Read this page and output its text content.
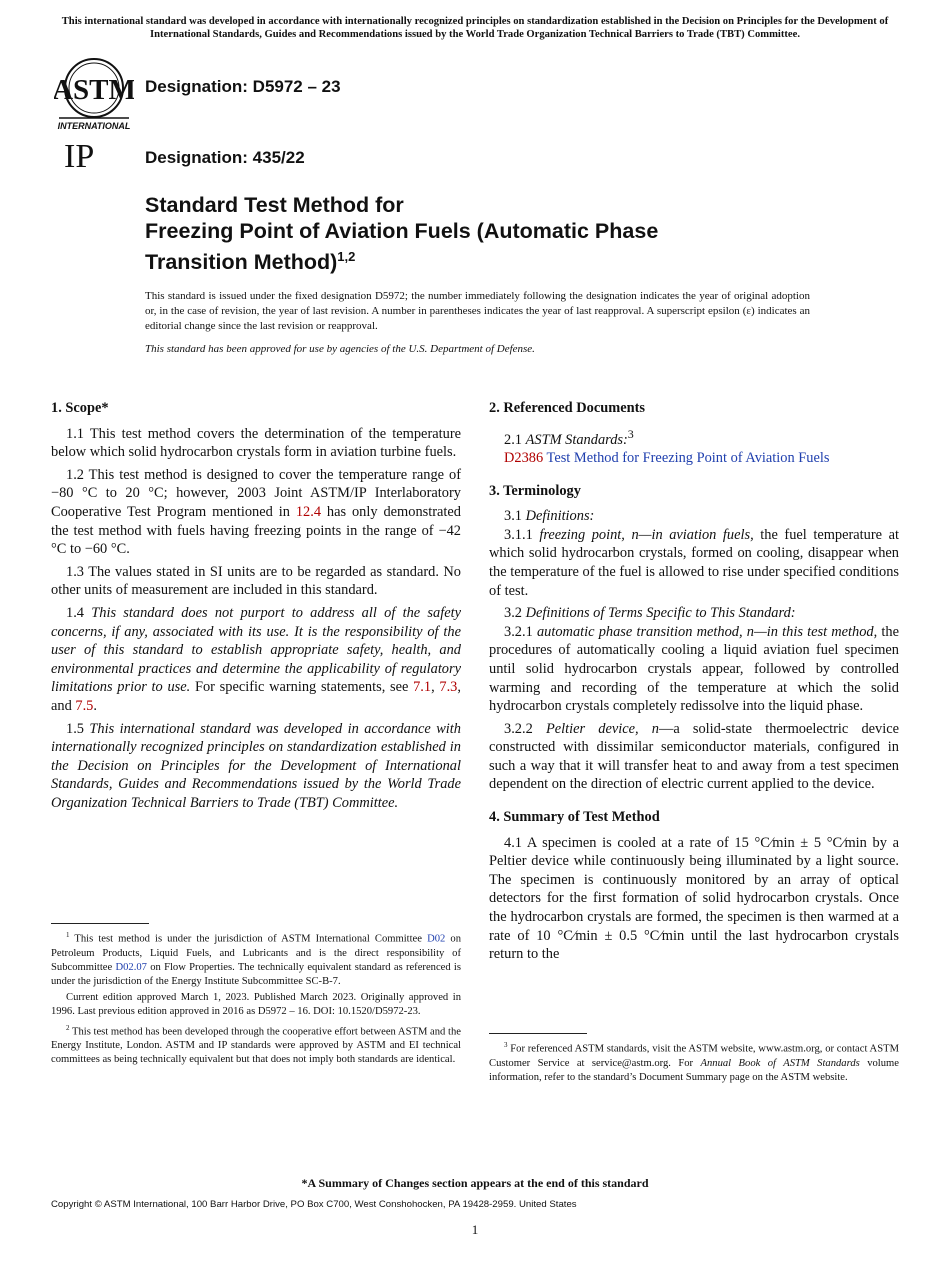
This international standard was developed in accordance with internationally recognized principles on standardization established in the Decision on Principles for the Development of International Standards, Guides and Recommendations issued by the World Trade Organization Technical Barriers to Trade (TBT) Committee.
ASTM
INTERNATIONAL
IP
Designation: D5972 – 23
Designation: 435/22
Standard Test Method for
Freezing Point of Aviation Fuels (Automatic Phase
Transition Method)$^{1,2}$
This standard is issued under the fixed designation D5972; the number immediately following the designation indicates the year of original adoption or, in the case of revision, the year of last revision. A number in parentheses indicates the year of last reapproval. A superscript epsilon (ε) indicates an editorial change since the last revision or reapproval.
This standard has been approved for use by agencies of the U.S. Department of Defense.
1. Scope*

1.1 This test method covers the determination of the temperature below which solid hydrocarbon crystals form in aviation turbine fuels.

1.2 This test method is designed to cover the temperature range of −80 °C to 20 °C; however, 2003 Joint ASTM/IP Interlaboratory Cooperative Test Program mentioned in 12.4 has only demonstrated the test method with fuels having freezing points in the range of −42 °C to −60 °C.

1.3 The values stated in SI units are to be regarded as standard. No other units of measurement are included in this standard.

1.4 This standard does not purport to address all of the safety concerns, if any, associated with its use. It is the responsibility of the user of this standard to establish appropriate safety, health, and environmental practices and determine the applicability of regulatory limitations prior to use. For specific warning statements, see 7.1, 7.3, and 7.5.

1.5 This international standard was developed in accordance with internationally recognized principles on standardization established in the Decision on Principles for the Development of International Standards, Guides and Recommendations issued by the World Trade Organization Technical Barriers to Trade (TBT) Committee.

2. Referenced Documents

2.1 ASTM Standards:$^3$

D2386 Test Method for Freezing Point of Aviation Fuels

3. Terminology

3.1 Definitions:

3.1.1 freezing point, n—in aviation fuels, the fuel temperature at which solid hydrocarbon crystals, formed on cooling, disappear when the temperature of the fuel is allowed to rise under specified conditions of test.

3.2 Definitions of Terms Specific to This Standard:

3.2.1 automatic phase transition method, n—in this test method, the procedures of automatically cooling a liquid aviation fuel specimen until solid hydrocarbon crystals appear, followed by controlled warming and recording of the temperature at which the solid hydrocarbon crystals completely redissolve into the liquid phase.

3.2.2 Peltier device, n—a solid-state thermoelectric device constructed with dissimilar semiconductor materials, configured in such a way that it will transfer heat to and away from a test specimen dependent on the direction of electric current applied to the device.

4. Summary of Test Method

4.1 A specimen is cooled at a rate of 15 °C⁄min ± 5 °C⁄min by a Peltier device while continuously being illuminated by a light source. The specimen is continuously monitored by an array of optical detectors for the first formation of solid hydrocarbon crystals. Once the hydrocarbon crystals are formed, the specimen is then warmed at a rate of 10 °C⁄min ± 0.5 °C⁄min until the last hydrocarbon crystals return to the

$^1$ This test method is under the jurisdiction of ASTM International Committee D02 on Petroleum Products, Liquid Fuels, and Lubricants and is the direct responsibility of Subcommittee D02.07 on Flow Properties. The technically equivalent standard as referenced is under the jurisdiction of the Energy Institute Subcommittee SC-B-7.

Current edition approved March 1, 2023. Published March 2023. Originally approved in 1996. Last previous edition approved in 2016 as D5972 – 16. DOI: 10.1520/D5972-23.

$^2$ This test method has been developed through the cooperative effort between ASTM and the Energy Institute, London. ASTM and IP standards were approved by ASTM and EI technical committees as being technically equivalent but that does not imply both standards are identical.

$^3$ For referenced ASTM standards, visit the ASTM website, www.astm.org, or contact ASTM Customer Service at service@astm.org. For Annual Book of ASTM Standards volume information, refer to the standard’s Document Summary page on the ASTM website.

*A Summary of Changes section appears at the end of this standard
Copyright © ASTM International, 100 Barr Harbor Drive, PO Box C700, West Conshohocken, PA 19428-2959. United States
1
